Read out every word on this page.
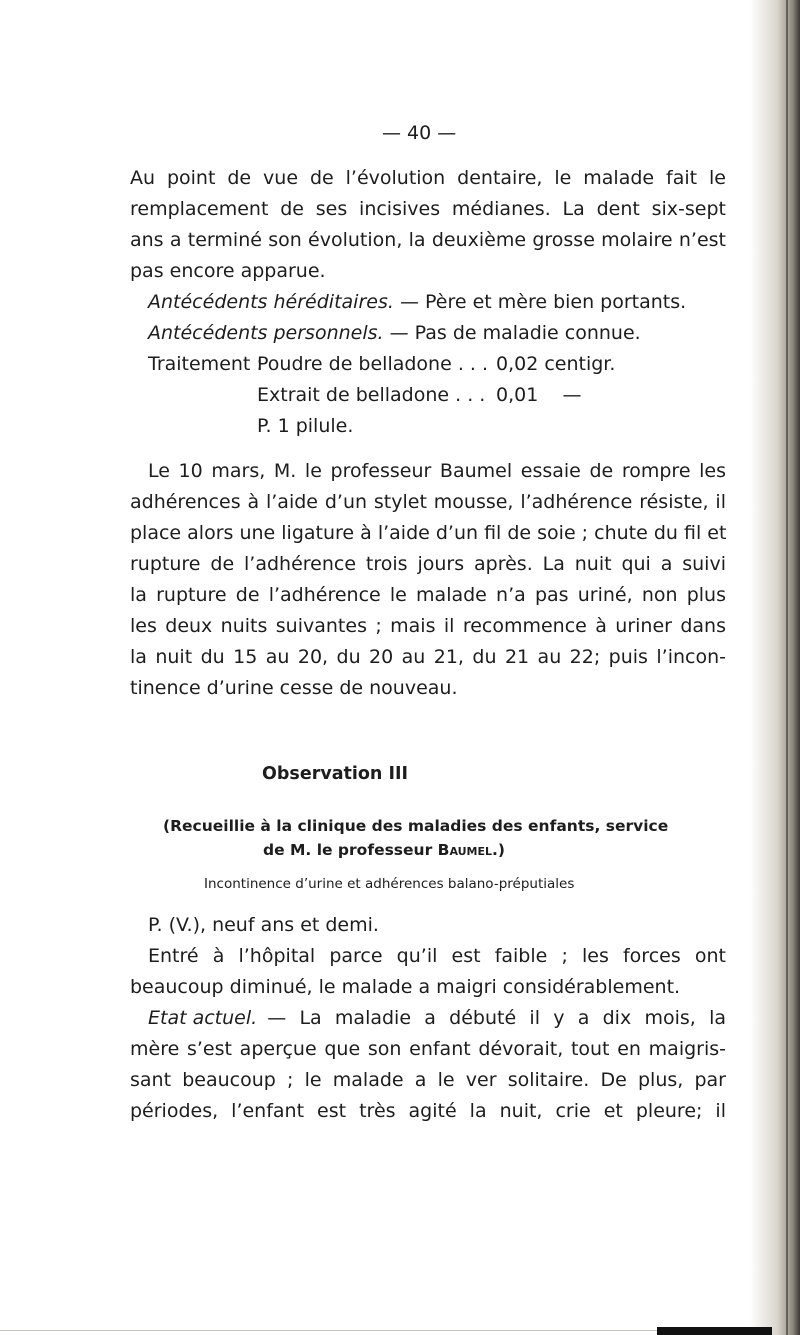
— 40 —
Au point de vue de l’évolution dentaire, le malade fait le
remplacement de ses incisives médianes. La dent six-sept
ans a terminé son évolution, la deuxième grosse molaire n’est
pas encore apparue.
Antécédents héréditaires. — Père et mère bien portants.
Antécédents personnels. — Pas de maladie connue.
Traitement :
Poudre de belladone . . . 0,02 centigr.
Extrait de belladone . . . 0,01    —
P. 1 pilule.
Le 10 mars, M. le professeur Baumel essaie de rompre les
adhérences à l’aide d’un stylet mousse, l’adhérence résiste, il
place alors une ligature à l’aide d’un fil de soie ; chute du fil et
rupture de l’adhérence trois jours après. La nuit qui a suivi
la rupture de l’adhérence le malade n’a pas uriné, non plus
les deux nuits suivantes ; mais il recommence à uriner dans
la nuit du 15 au 20, du 20 au 21, du 21 au 22; puis l’incon-
tinence d’urine cesse de nouveau.
Observation III
(Recueillie à la clinique des maladies des enfants, service
de M. le professeur Baumel.)
Incontinence d’urine et adhérences balano-préputiales
P. (V.), neuf ans et demi.
Entré à l’hôpital parce qu’il est faible ; les forces ont
beaucoup diminué, le malade a maigri considérablement.
Etat actuel. — La maladie a débuté il y a dix mois, la
mère s’est aperçue que son enfant dévorait, tout en maigris-
sant beaucoup ; le malade a le ver solitaire. De plus, par
périodes, l’enfant est très agité la nuit, crie et pleure; il
